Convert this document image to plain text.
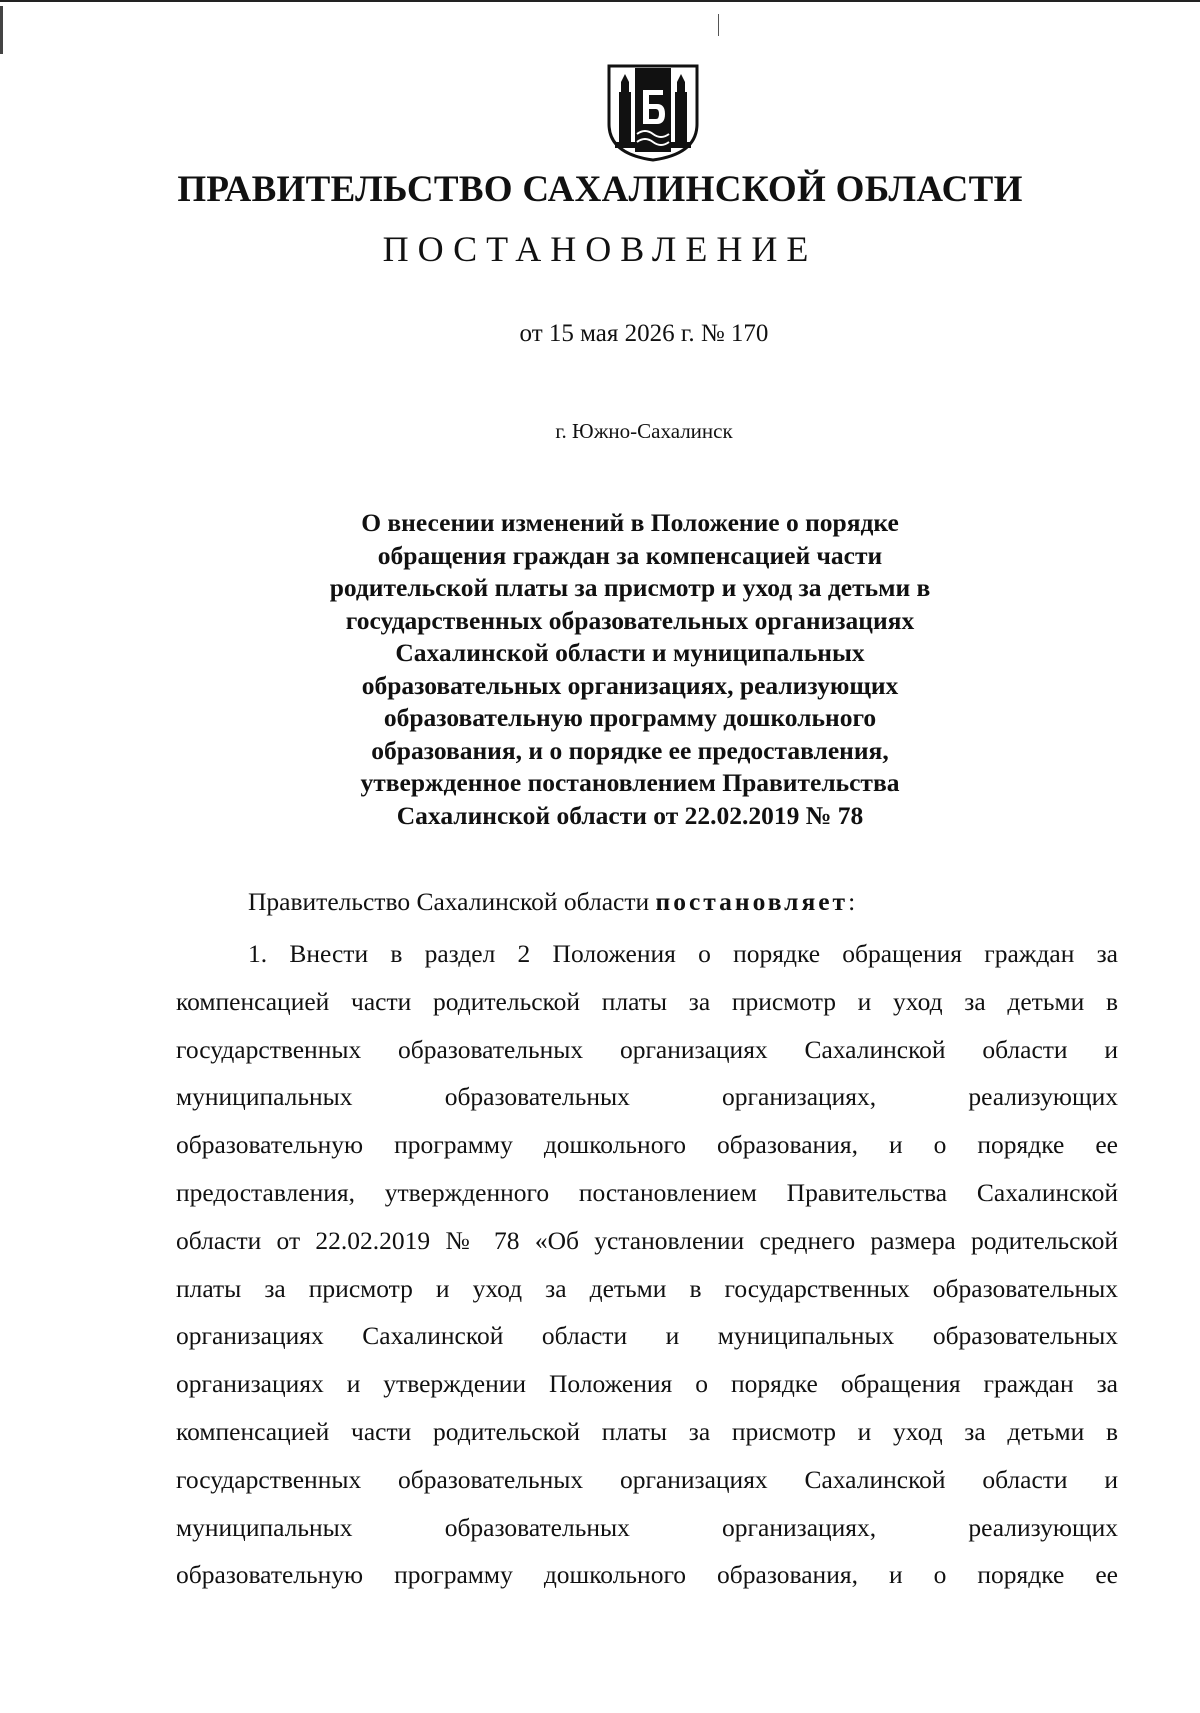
ПРАВИТЕЛЬСТВО САХАЛИНСКОЙ ОБЛАСТИ
ПОСТАНОВЛЕНИЕ
от 15 мая 2026 г. № 170
г. Южно-Сахалинск
О внесении изменений в Положение о порядке
обращения граждан за компенсацией части
родительской платы за присмотр и уход за детьми в
государственных образовательных организациях
Сахалинской области и муниципальных
образовательных организациях, реализующих
образовательную программу дошкольного
образования, и о порядке ее предоставления,
утвержденное постановлением Правительства
Сахалинской области от 22.02.2019 № 78
Правительство Сахалинской области постановляет:
1. Внести в раздел 2 Положения о порядке обращения граждан за
компенсацией части родительской платы за присмотр и уход за детьми в
государственных образовательных организациях Сахалинской области и
муниципальных образовательных организациях, реализующих
образовательную программу дошкольного образования, и о порядке ее
предоставления, утвержденного постановлением Правительства Сахалинской
области от 22.02.2019 № 78 «Об установлении среднего размера родительской
платы за присмотр и уход за детьми в государственных образовательных
организациях Сахалинской области и муниципальных образовательных
организациях и утверждении Положения о порядке обращения граждан за
компенсацией части родительской платы за присмотр и уход за детьми в
государственных образовательных организациях Сахалинской области и
муниципальных образовательных организациях, реализующих
образовательную программу дошкольного образования, и о порядке ее
